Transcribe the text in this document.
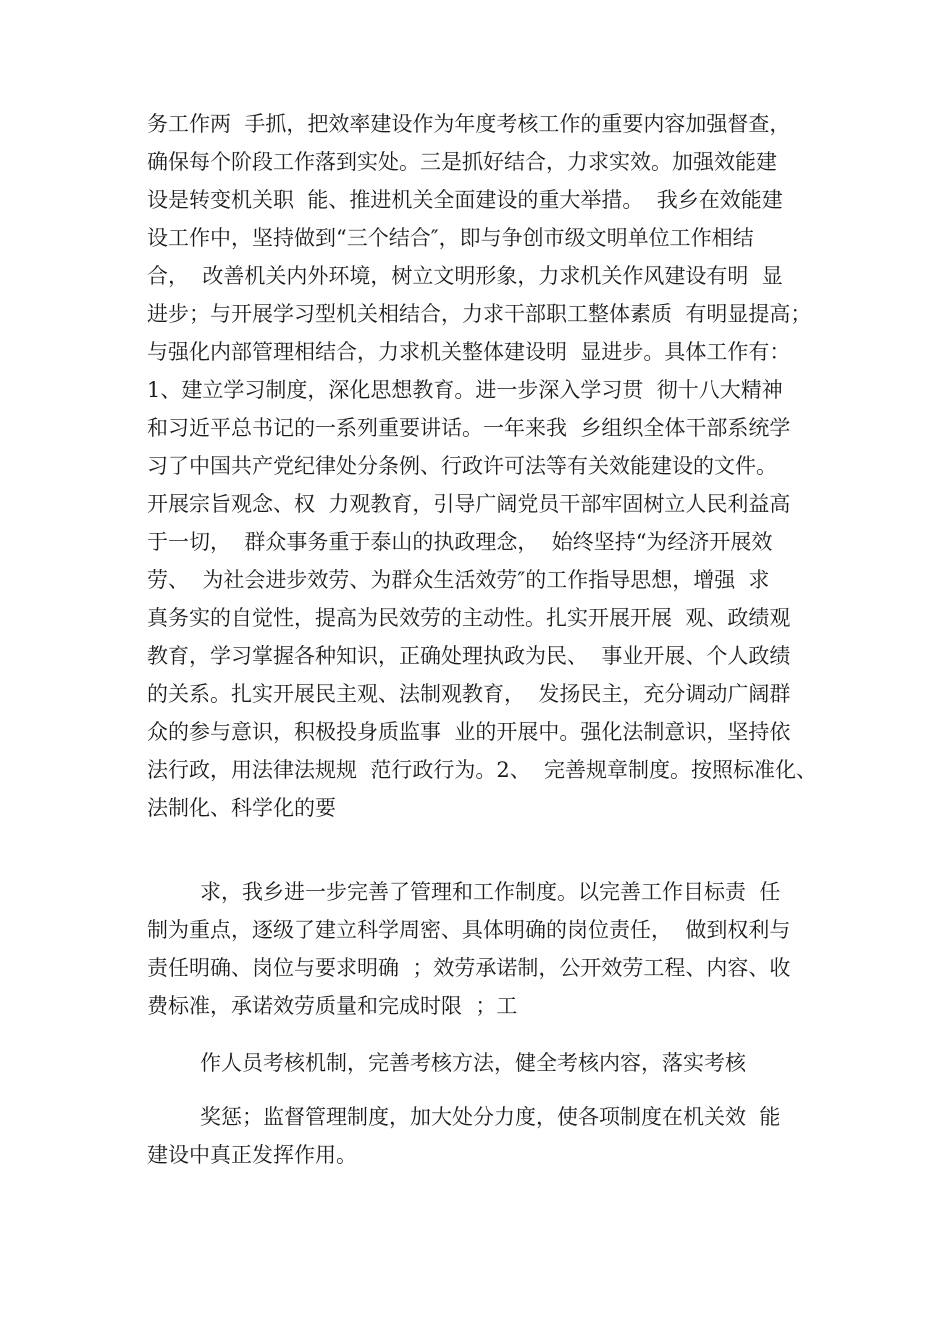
务工作两  手抓，把效率建设作为年度考核工作的重要内容加强督查，
确保每个阶段工作落到实处。三是抓好结合，力求实效。加强效能建
设是转变机关职  能、推进机关全面建设的重大举措。  我乡在效能建
设工作中，坚持做到“三个结合″，即与争创市级文明单位工作相结
合，  改善机关内外环境，树立文明形象，力求机关作风建设有明  显
进步；与开展学习型机关相结合，力求干部职工整体素质  有明显提高；
与强化内部管理相结合，力求机关整体建设明  显进步。具体工作有：
1、建立学习制度，深化思想教育。进一步深入学习贯  彻十八大精神
和习近平总书记的一系列重要讲话。一年来我  乡组织全体干部系统学
习了中国共产党纪律处分条例、行政许可法等有关效能建设的文件。
开展宗旨观念、权  力观教育，引导广阔党员干部牢固树立人民利益高
于一切，  群众事务重于泰山的执政理念，  始终坚持“为经济开展效
劳、  为社会进步效劳、为群众生活效劳″的工作指导思想，增强  求
真务实的自觉性，提高为民效劳的主动性。扎实开展开展  观、政绩观
教育，学习掌握各种知识，正确处理执政为民、  事业开展、个人政绩
的关系。扎实开展民主观、法制观教育，  发扬民主，充分调动广阔群
众的参与意识，积极投身质监事  业的开展中。强化法制意识，坚持依
法行政，用法律法规规  范行政行为。2、  完善规章制度。按照标准化、
法制化、科学化的要
求，我乡进一步完善了管理和工作制度。以完善工作目标责  任
制为重点，逐级了建立科学周密、具体明确的岗位责任，  做到权利与
责任明确、岗位与要求明确  ；效劳承诺制，公开效劳工程、内容、收
费标准，承诺效劳质量和完成时限  ；工
作人员考核机制，完善考核方法，健全考核内容，落实考核
奖惩；监督管理制度，加大处分力度，使各项制度在机关效  能
建设中真正发挥作用。
